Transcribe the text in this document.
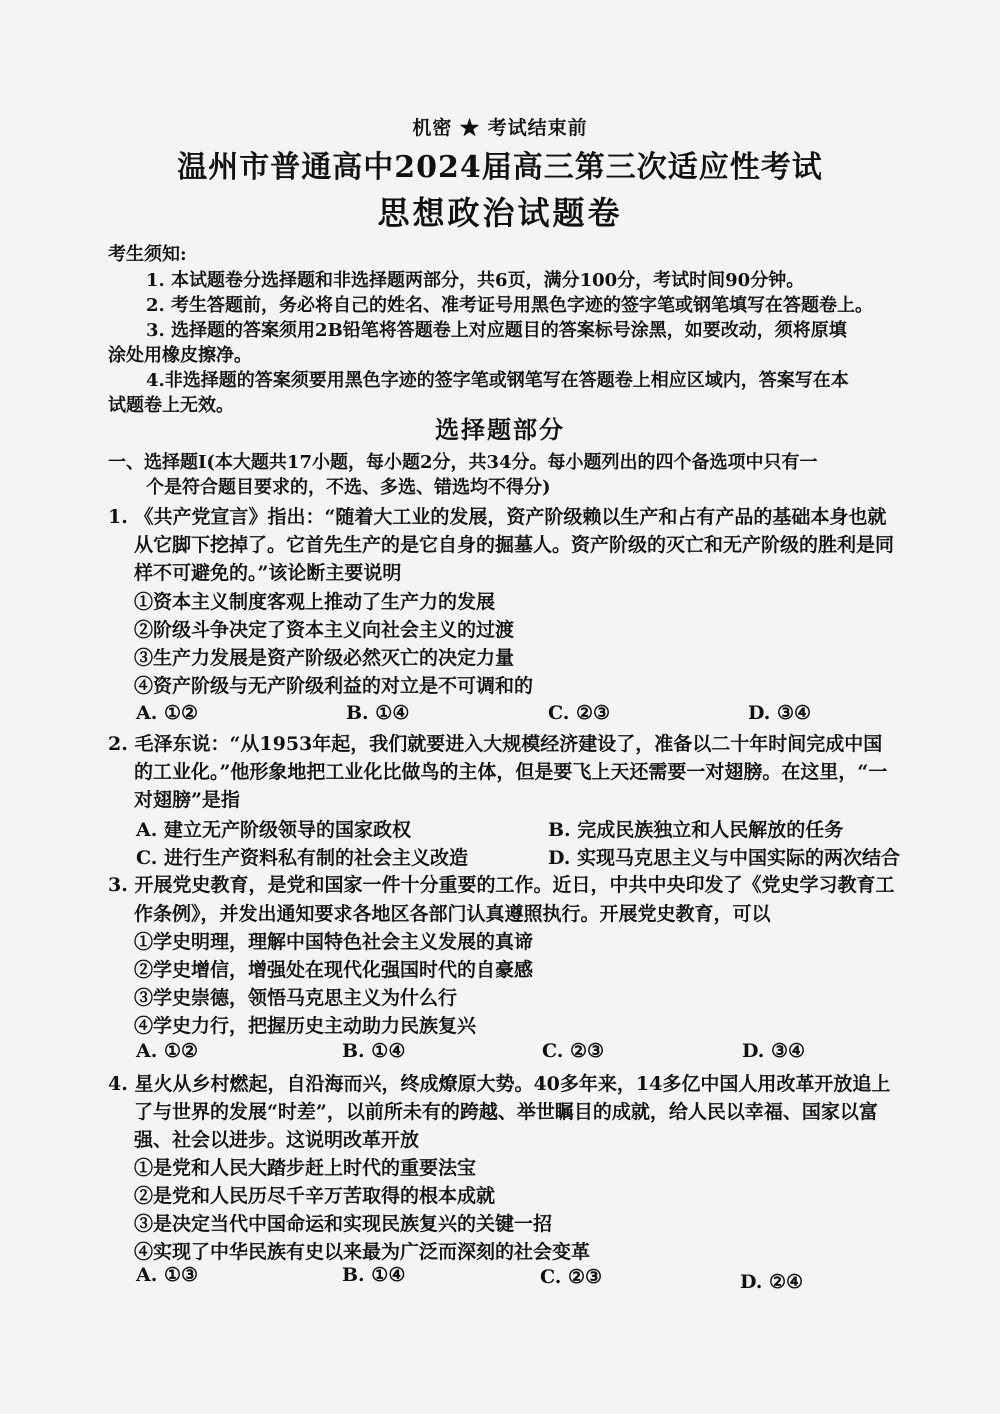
机密 ★ 考试结束前
温州市普通高中2024届高三第三次适应性考试
思想政治试题卷
考生须知:
1. 本试题卷分选择题和非选择题两部分，共6页，满分100分，考试时间90分钟。
2. 考生答题前，务必将自己的姓名、准考证号用黑色字迹的签字笔或钢笔填写在答题卷上。
3. 选择题的答案须用2B铅笔将答题卷上对应题目的答案标号涂黑，如要改动，须将原填
涂处用橡皮擦净。
4.非选择题的答案须要用黑色字迹的签字笔或钢笔写在答题卷上相应区域内，答案写在本
试题卷上无效。
选择题部分
一、选择题Ⅰ(本大题共17小题，每小题2分，共34分。每小题列出的四个备选项中只有一
个是符合题目要求的，不选、多选、错选均不得分)
1. 《共产党宣言》指出：“随着大工业的发展，资产阶级赖以生产和占有产品的基础本身也就
从它脚下挖掉了。它首先生产的是它自身的掘墓人。资产阶级的灭亡和无产阶级的胜利是同
样不可避免的。”该论断主要说明
①资本主义制度客观上推动了生产力的发展
②阶级斗争决定了资本主义向社会主义的过渡
③生产力发展是资产阶级必然灭亡的决定力量
④资产阶级与无产阶级利益的对立是不可调和的
A. ①②	B. ①④	C. ②③	D. ③④
2. 毛泽东说：“从1953年起，我们就要进入大规模经济建设了，准备以二十年时间完成中国
的工业化。”他形象地把工业化比做鸟的主体，但是要飞上天还需要一对翅膀。在这里，“一
对翅膀”是指
A. 建立无产阶级领导的国家政权	B. 完成民族独立和人民解放的任务
C. 进行生产资料私有制的社会主义改造	D. 实现马克思主义与中国实际的两次结合
3. 开展党史教育，是党和国家一件十分重要的工作。近日，中共中央印发了《党史学习教育工
作条例》，并发出通知要求各地区各部门认真遵照执行。开展党史教育，可以
①学史明理，理解中国特色社会主义发展的真谛
②学史增信，增强处在现代化强国时代的自豪感
③学史崇德，领悟马克思主义为什么行
④学史力行，把握历史主动助力民族复兴
A. ①②	B. ①④	C. ②③	D. ③④
4. 星火从乡村燃起，自沿海而兴，终成燎原大势。40多年来，14多亿中国人用改革开放追上
了与世界的发展“时差”，以前所未有的跨越、举世瞩目的成就，给人民以幸福、国家以富
强、社会以进步。这说明改革开放
①是党和人民大踏步赶上时代的重要法宝
②是党和人民历尽千辛万苦取得的根本成就
③是决定当代中国命运和实现民族复兴的关键一招
④实现了中华民族有史以来最为广泛而深刻的社会变革
A. ①③	B. ①④	C. ②③	D. ②④
